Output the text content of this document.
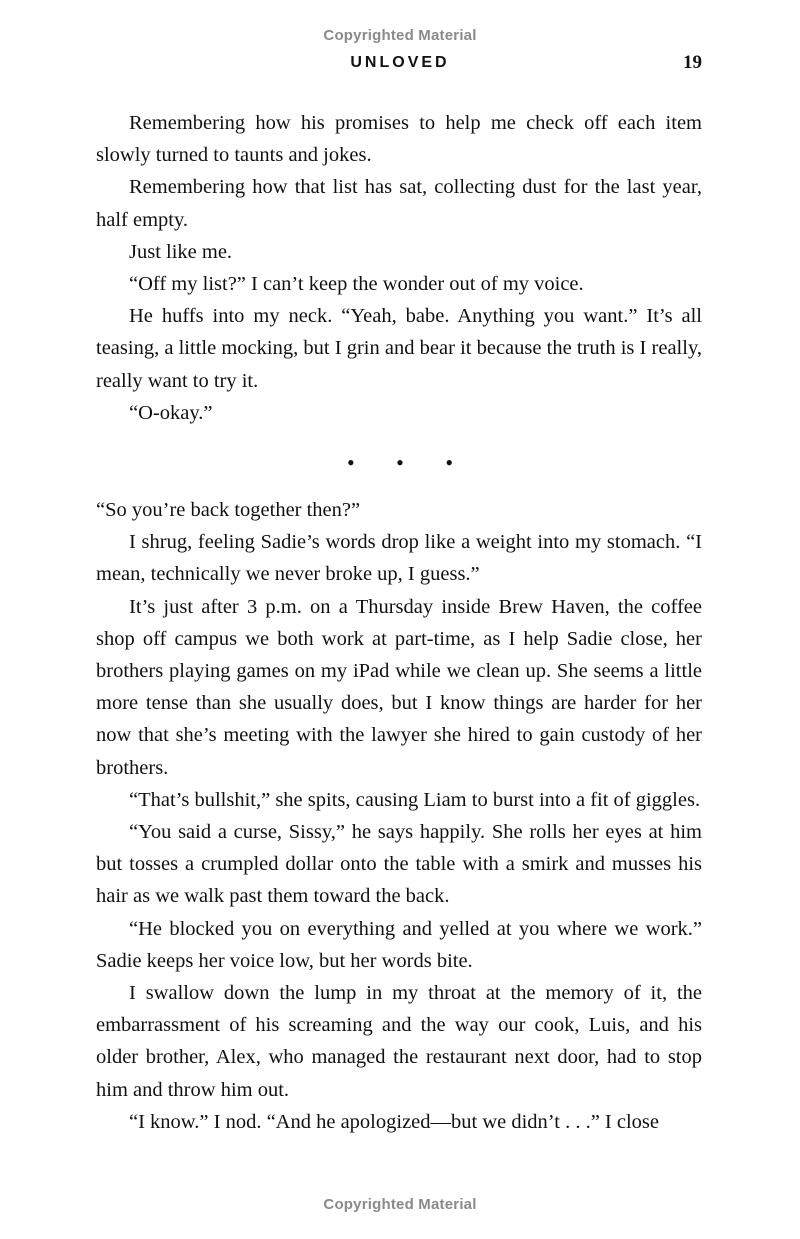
Copyrighted Material
UNLOVED	19

Remembering how his promises to help me check off each item slowly turned to taunts and jokes.

Remembering how that list has sat, collecting dust for the last year, half empty.

Just like me.

“Off my list?” I can’t keep the wonder out of my voice.

He huffs into my neck. “Yeah, babe. Anything you want.” It’s all teasing, a little mocking, but I grin and bear it because the truth is I really, really want to try it.

“O-okay.”

• • •

“So you’re back together then?”

I shrug, feeling Sadie’s words drop like a weight into my stomach. “I mean, technically we never broke up, I guess.”

It’s just after 3 p.m. on a Thursday inside Brew Haven, the coffee shop off campus we both work at part-time, as I help Sadie close, her brothers playing games on my iPad while we clean up. She seems a little more tense than she usually does, but I know things are harder for her now that she’s meeting with the lawyer she hired to gain custody of her brothers.

“That’s bullshit,” she spits, causing Liam to burst into a fit of giggles.

“You said a curse, Sissy,” he says happily. She rolls her eyes at him but tosses a crumpled dollar onto the table with a smirk and musses his hair as we walk past them toward the back.

“He blocked you on everything and yelled at you where we work.” Sadie keeps her voice low, but her words bite.

I swallow down the lump in my throat at the memory of it, the embarrassment of his screaming and the way our cook, Luis, and his older brother, Alex, who managed the restaurant next door, had to stop him and throw him out.

“I know.” I nod. “And he apologized—but we didn’t . . .” I close

Copyrighted Material
